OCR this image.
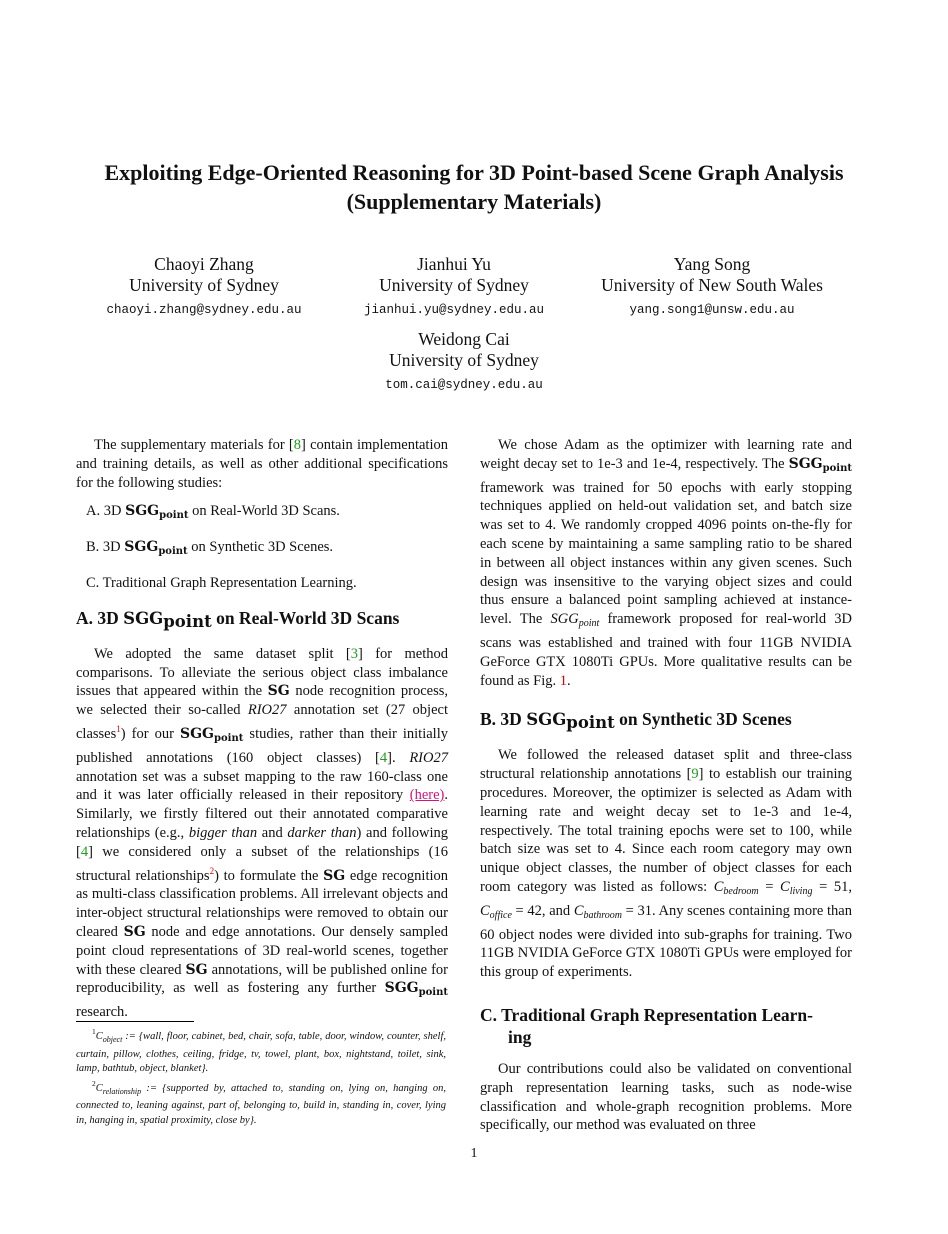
Exploiting Edge-Oriented Reasoning for 3D Point-based Scene Graph Analysis
(Supplementary Materials)
Chaoyi Zhang
University of Sydney
chaoyi.zhang@sydney.edu.au
Jianhui Yu
University of Sydney
jianhui.yu@sydney.edu.au
Yang Song
University of New South Wales
yang.song1@unsw.edu.au
Weidong Cai
University of Sydney
tom.cai@sydney.edu.au

The supplementary materials for [8] contain implementation and training details, as well as other additional specifications for the following studies:

A. 3D $SGG_{point}$ on Real-World 3D Scans.
B. 3D $SGG_{point}$ on Synthetic 3D Scenes.
C. Traditional Graph Representation Learning.
A. 3D SGGpoint on Real-World 3D Scans

We adopted the same dataset split [3] for method comparisons. To alleviate the serious object class imbalance issues that appeared within the SG node recognition process, we selected their so-called RIO27 annotation set (27 object classes$^1$) for our $SGG_{point}$ studies, rather than their initially published annotations (160 object classes) [4]. RIO27 annotation set was a subset mapping to the raw 160-class one and it was later officially released in their repository (here). Similarly, we firstly filtered out their annotated comparative relationships (e.g., bigger than and darker than) and following [4] we considered only a subset of the relationships (16 structural relationships$^2$) to formulate the SG edge recognition as multi-class classification problems. All irrelevant objects and inter-object structural relationships were removed to obtain our cleared SG node and edge annotations. Our densely sampled point cloud representations of 3D real-world scenes, together with these cleared SG annotations, will be published online for reproducibility, as well as fostering any further $SGG_{point}$ research.

$^1C_{object}$ := {wall, floor, cabinet, bed, chair, sofa, table, door, window, counter, shelf, curtain, pillow, clothes, ceiling, fridge, tv, towel, plant, box, nightstand, toilet, sink, lamp, bathtub, object, blanket}.

$^2C_{relationship}$ := {supported by, attached to, standing on, lying on, hanging on, connected to, leaning against, part of, belonging to, build in, standing in, cover, lying in, hanging in, spatial proximity, close by}.

We chose Adam as the optimizer with learning rate and weight decay set to 1e-3 and 1e-4, respectively. The $SGG_{point}$ framework was trained for 50 epochs with early stopping techniques applied on held-out validation set, and batch size was set to 4. We randomly cropped 4096 points on-the-fly for each scene by maintaining a same sampling ratio to be shared in between all object instances within any given scenes. Such design was insensitive to the varying object sizes and could thus ensure a balanced point sampling achieved at instance-level. The $SGG_{point}$ framework proposed for real-world 3D scans was established and trained with four 11GB NVIDIA GeForce GTX 1080Ti GPUs. More qualitative results can be found as Fig. 1.

B. 3D SGGpoint on Synthetic 3D Scenes

We followed the released dataset split and three-class structural relationship annotations [9] to establish our training procedures. Moreover, the optimizer is selected as Adam with learning rate and weight decay set to 1e-3 and 1e-4, respectively. The total training epochs were set to 100, while batch size was set to 4. Since each room category may own unique object classes, the number of object classes for each room category was listed as follows: $C_{bedroom} = C_{living} = 51$, $C_{office} = 42$, and $C_{bathroom} = 31$. Any scenes containing more than 60 object nodes were divided into sub-graphs for training. Two 11GB NVIDIA GeForce GTX 1080Ti GPUs were employed for this group of experiments.

C. Traditional Graph Representation Learn-
ing

Our contributions could also be validated on conventional graph representation learning tasks, such as node-wise classification and whole-graph recognition problems. More specifically, our method was evaluated on three

1
